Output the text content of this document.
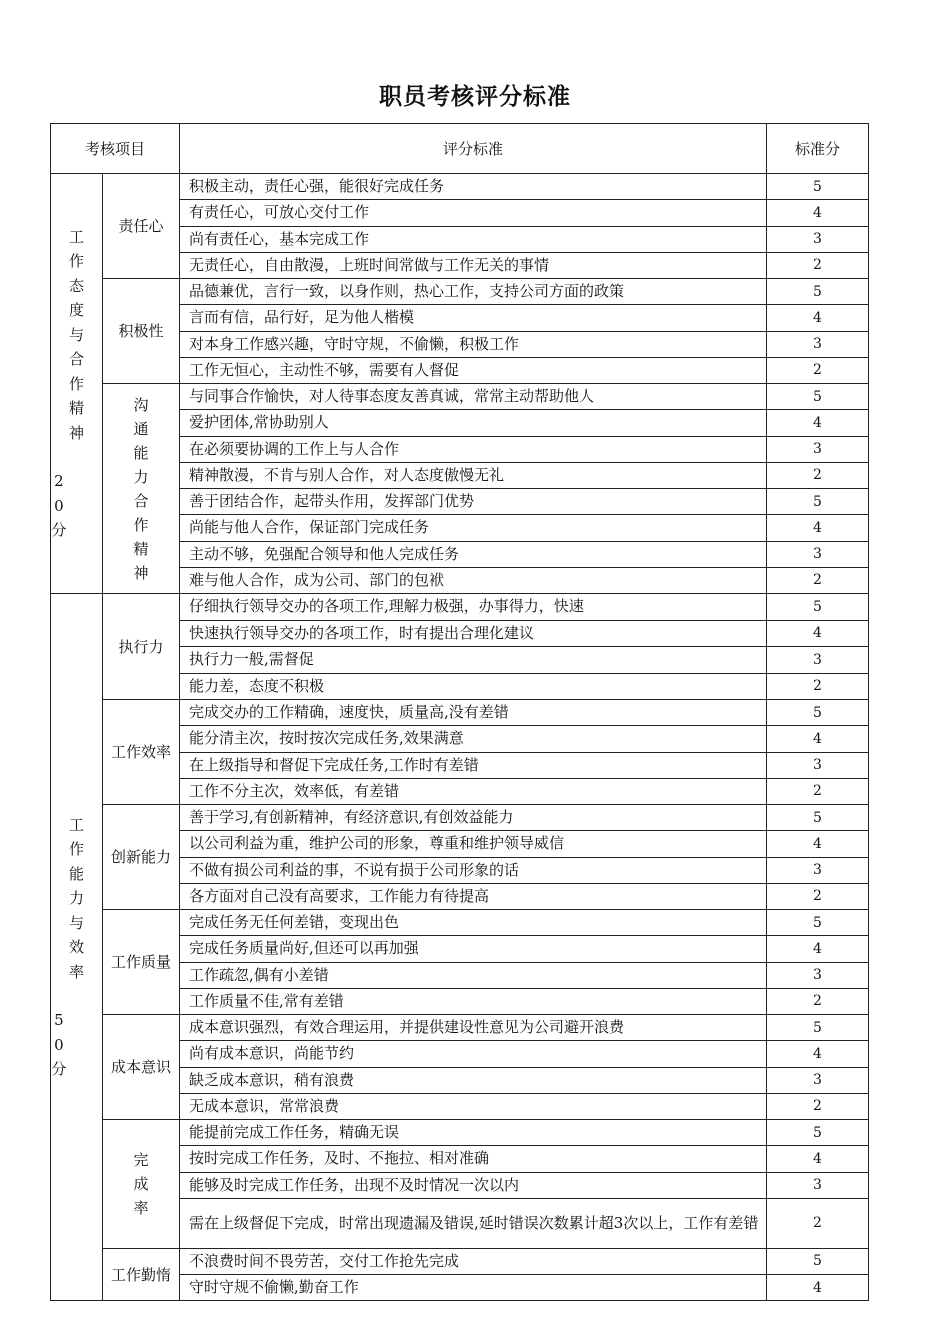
职员考核评分标准
考核项目		评分标准	标准分

工作态度与合作精神
20分	责任心	积极主动，责任心强，能很好完成任务	5
		有责任心，可放心交付工作	4
		尚有责任心，基本完成工作	3
		无责任心，自由散漫，上班时间常做与工作无关的事情	2
	积极性	品德兼优，言行一致，以身作则，热心工作，支持公司方面的政策	5
		言而有信，品行好，足为他人楷模	4
		对本身工作感兴趣，守时守规，不偷懒，积极工作	3
		工作无恒心，主动性不够，需要有人督促	2
	沟通能力合作精神	与同事合作愉快，对人待事态度友善真诚，常常主动帮助他人	5
		爱护团体,常协助别人	4
		在必须要协调的工作上与人合作	3
		精神散漫，不肯与别人合作，对人态度傲慢无礼	2
		善于团结合作，起带头作用，发挥部门优势	5
		尚能与他人合作，保证部门完成任务	4
		主动不够，免强配合领导和他人完成任务	3
		难与他人合作，成为公司、部门的包袱	2

工作能力与效率
50分	执行力	仔细执行领导交办的各项工作,理解力极强，办事得力，快速	5
		快速执行领导交办的各项工作，时有提出合理化建议	4
		执行力一般,需督促	3
		能力差，态度不积极	2
	工作效率	完成交办的工作精确，速度快，质量高,没有差错	5
		能分清主次，按时按次完成任务,效果满意	4
		在上级指导和督促下完成任务,工作时有差错	3
		工作不分主次，效率低，有差错	2
	创新能力	善于学习,有创新精神，有经济意识,有创效益能力	5
		以公司利益为重，维护公司的形象，尊重和维护领导威信	4
		不做有损公司利益的事，不说有损于公司形象的话	3
		各方面对自己没有高要求，工作能力有待提高	2
	工作质量	完成任务无任何差错，变现出色	5
		完成任务质量尚好,但还可以再加强	4
		工作疏忽,偶有小差错	3
		工作质量不佳,常有差错	2
	成本意识	成本意识强烈，有效合理运用，并提供建设性意见为公司避开浪费	5
		尚有成本意识，尚能节约	4
		缺乏成本意识，稍有浪费	3
		无成本意识，常常浪费	2
	完成率	能提前完成工作任务，精确无误	5
		按时完成工作任务，及时、不拖拉、相对准确	4
		能够及时完成工作任务，出现不及时情况一次以内	3
		需在上级督促下完成，时常出现遗漏及错误,延时错误次数累计超3次以上，工作有差错	2
	工作勤惰	不浪费时间不畏劳苦，交付工作抢先完成	5
		守时守规不偷懒,勤奋工作	4
